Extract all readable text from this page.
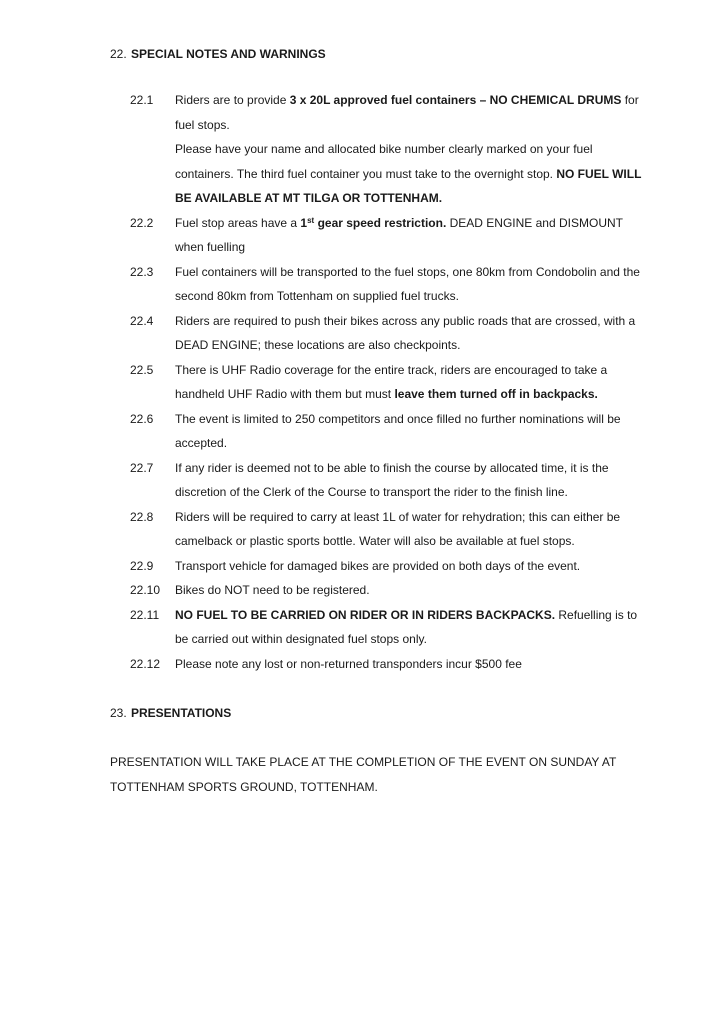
22. SPECIAL NOTES AND WARNINGS
22.1	Riders are to provide 3 x 20L approved fuel containers – NO CHEMICAL DRUMS for fuel stops.

Please have your name and allocated bike number clearly marked on your fuel containers. The third fuel container you must take to the overnight stop. NO FUEL WILL BE AVAILABLE AT MT TILGA OR TOTTENHAM.

22.2	Fuel stop areas have a 1st gear speed restriction. DEAD ENGINE and DISMOUNT when fuelling
22.3	Fuel containers will be transported to the fuel stops, one 80km from Condobolin and the second 80km from Tottenham on supplied fuel trucks.
22.4	Riders are required to push their bikes across any public roads that are crossed, with a DEAD ENGINE; these locations are also checkpoints.
22.5	There is UHF Radio coverage for the entire track, riders are encouraged to take a handheld UHF Radio with them but must leave them turned off in backpacks.
22.6	The event is limited to 250 competitors and once filled no further nominations will be accepted.
22.7	If any rider is deemed not to be able to finish the course by allocated time, it is the discretion of the Clerk of the Course to transport the rider to the finish line.
22.8	Riders will be required to carry at least 1L of water for rehydration; this can either be camelback or plastic sports bottle. Water will also be available at fuel stops.
22.9	Transport vehicle for damaged bikes are provided on both days of the event.
22.10	Bikes do NOT need to be registered.
22.11	NO FUEL TO BE CARRIED ON RIDER OR IN RIDERS BACKPACKS. Refuelling is to be carried out within designated fuel stops only.
22.12	Please note any lost or non-returned transponders incur $500 fee
23. PRESENTATIONS

PRESENTATION WILL TAKE PLACE AT THE COMPLETION OF THE EVENT ON SUNDAY AT TOTTENHAM SPORTS GROUND, TOTTENHAM.
